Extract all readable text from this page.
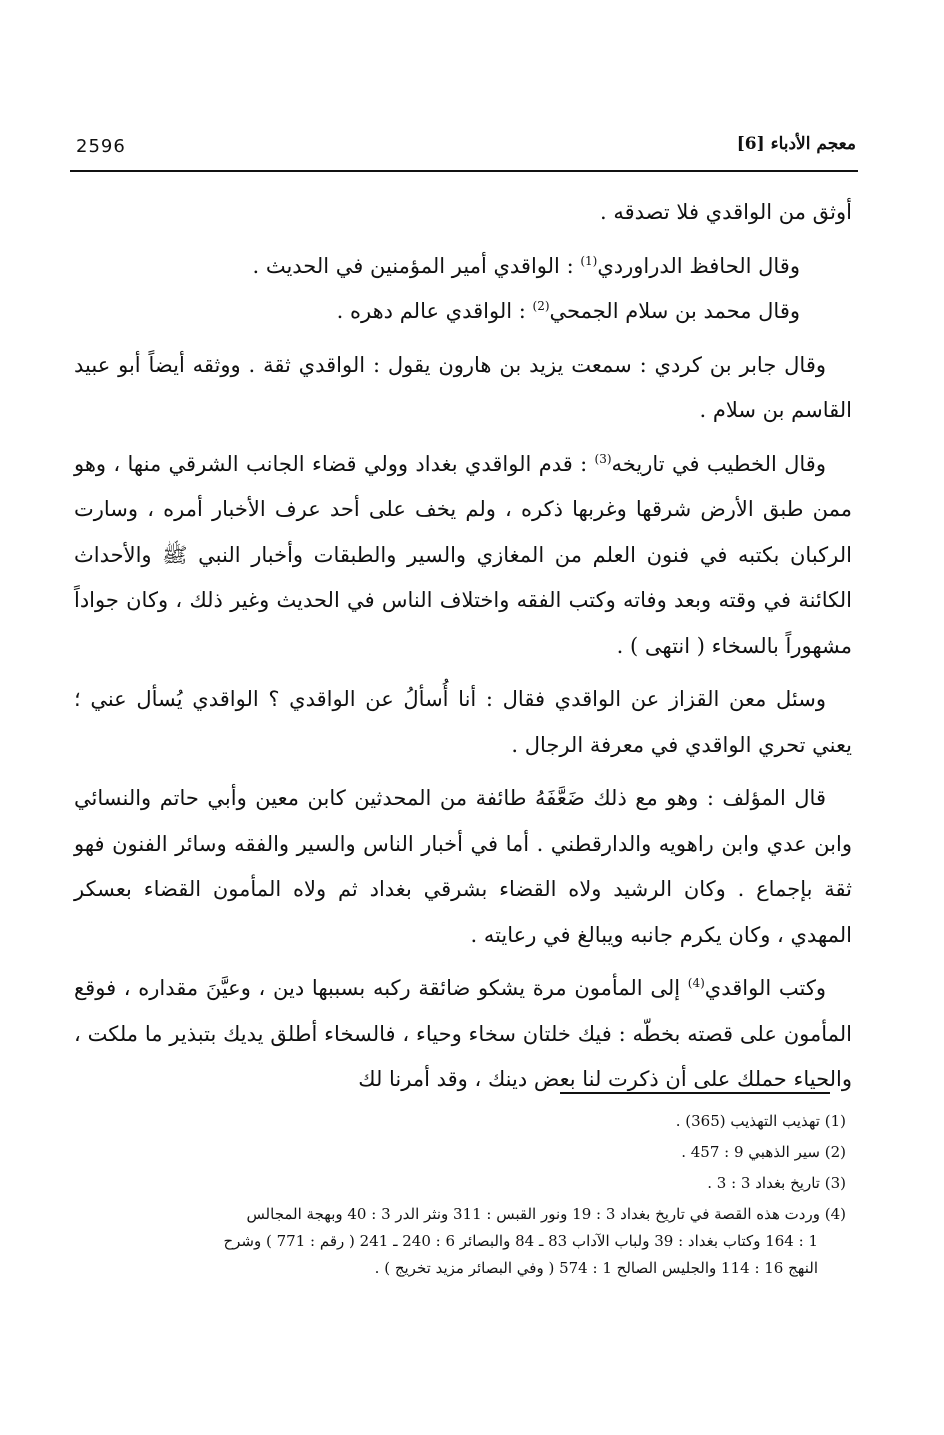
2596	معجم الأدباء [6]

أوثق من الواقدي فلا تصدقه .

وقال الحافظ الدراوردي$^{(1)}$ : الواقدي أمير المؤمنين في الحديث .

وقال محمد بن سلام الجمحي$^{(2)}$ : الواقدي عالم دهره .

وقال جابر بن كردي : سمعت يزيد بن هارون يقول : الواقدي ثقة . ووثقه أيضاً أبو عبيد القاسم بن سلام .

وقال الخطيب في تاريخه$^{(3)}$ : قدم الواقدي بغداد وولي قضاء الجانب الشرقي منها ، وهو ممن طبق الأرض شرقها وغربها ذكره ، ولم يخف على أحد عرف الأخبار أمره ، وسارت الركبان بكتبه في فنون العلم من المغازي والسير والطبقات وأخبار النبي ﷺ والأحداث الكائنة في وقته وبعد وفاته وكتب الفقه واختلاف الناس في الحديث وغير ذلك ، وكان جواداً مشهوراً بالسخاء ( انتهى ) .

وسئل معن القزاز عن الواقدي فقال : أنا أُسألُ عن الواقدي ؟ الواقدي يُسأل عني ؛ يعني تحري الواقدي في معرفة الرجال .

قال المؤلف : وهو مع ذلك ضَعَّفَهُ طائفة من المحدثين كابن معين وأبي حاتم والنسائي وابن عدي وابن راهويه والدارقطني . أما في أخبار الناس والسير والفقه وسائر الفنون فهو ثقة بإجماع . وكان الرشيد ولاه القضاء بشرقي بغداد ثم ولاه المأمون القضاء بعسكر المهدي ، وكان يكرم جانبه ويبالغ في رعايته .

وكتب الواقدي$^{(4)}$ إلى المأمون مرة يشكو ضائقة ركبه بسببها دين ، وعيَّنَ مقداره ، فوقع المأمون على قصته بخطّه : فيك خلتان سخاء وحياء ، فالسخاء أطلق يديك بتبذير ما ملكت ، والحياء حملك على أن ذكرت لنا بعض دينك ، وقد أمرنا لك

(1) تهذيب التهذيب (365) .

(2) سير الذهبي 9 : 457 .

(3) تاريخ بغداد 3 : 3 .

(4) وردت هذه القصة في تاريخ بغداد 3 : 19 ونور القبس : 311 ونثر الدر 3 : 40 وبهجة المجالس

1 : 164 وكتاب بغداد : 39 ولباب الآداب 83 ـ 84 والبصائر 6 : 240 ـ 241 ( رقم : 771 ) وشرح

النهج 16 : 114 والجليس الصالح 1 : 574 ( وفي البصائر مزيد تخريج ) .
